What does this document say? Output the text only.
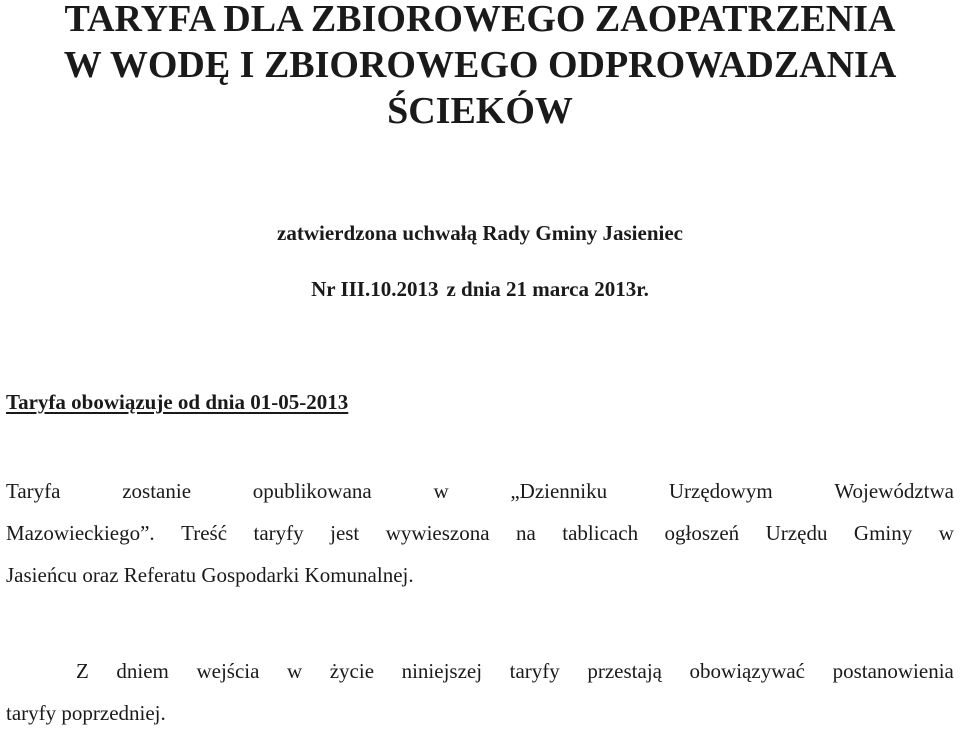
TARYFA DLA ZBIOROWEGO ZAOPATRZENIA
W WODĘ I ZBIOROWEGO ODPROWADZANIA
ŚCIEKÓW
zatwierdzona uchwałą Rady Gminy Jasieniec
Nr III.10.2013 z dnia 21 marca 2013r.
Taryfa obowiązuje od dnia 01-05-2013
Taryfa	zostanie	opublikowana	w	„Dzienniku	Urzędowym	Województwa
Mazowieckiego”. Treść taryfy jest wywieszona na tablicach ogłoszeń Urzędu Gminy w
Jasieńcu oraz Referatu Gospodarki Komunalnej.
Z dniem wejścia w życie niniejszej taryfy przestają obowiązywać postanowienia
taryfy poprzedniej.
